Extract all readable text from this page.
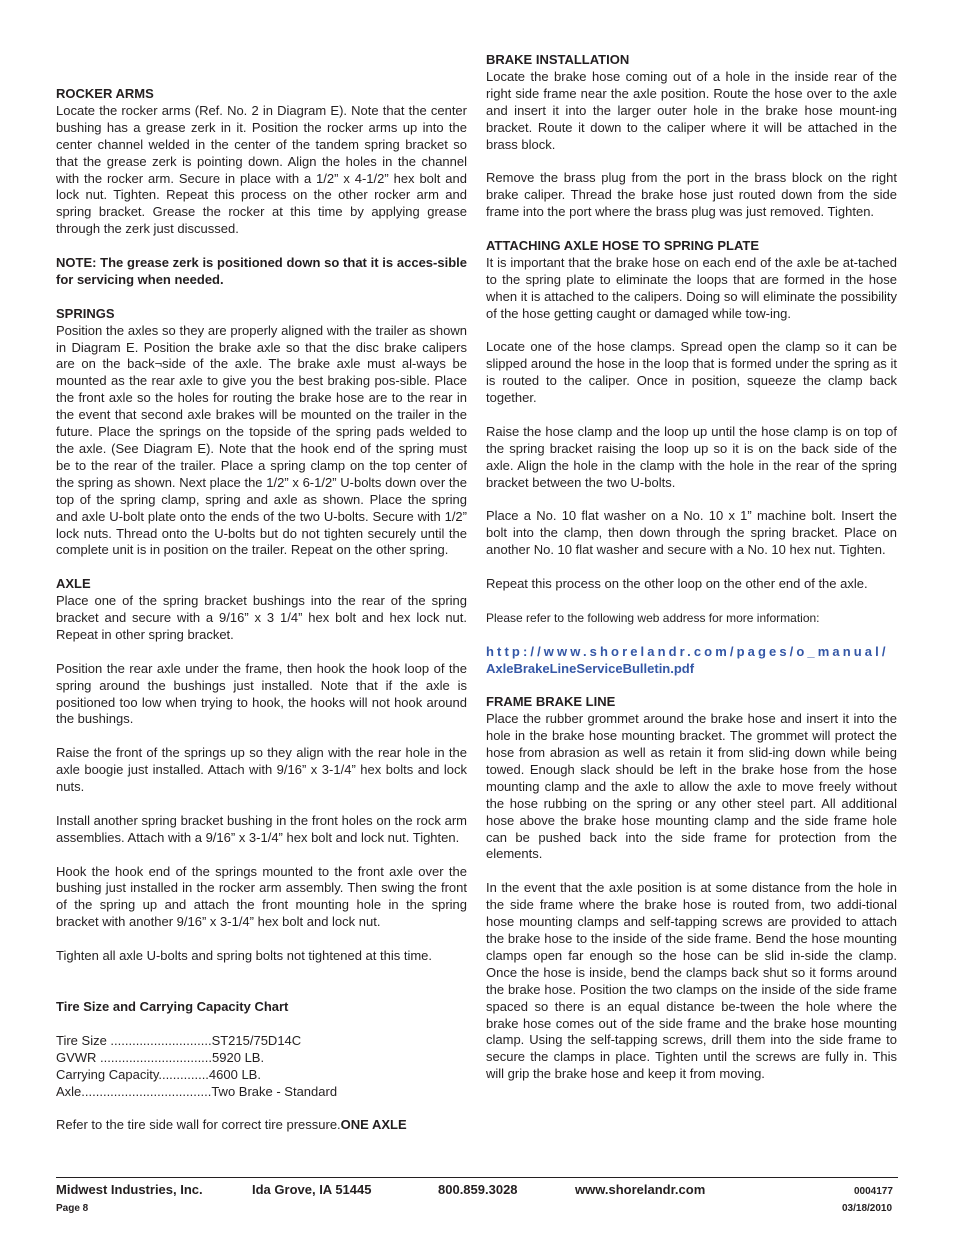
ROCKER ARMS

Locate the rocker arms (Ref. No. 2 in Diagram E). Note that the center bushing has a grease zerk in it. Position the rocker arms up into the center channel welded in the center of the tandem spring bracket so that the grease zerk is pointing down. Align the holes in the channel with the rocker arm. Secure in place with a 1/2” x 4-1/2” hex bolt and lock nut. Tighten. Repeat this process on the other rocker arm and spring bracket. Grease the rocker at this time by applying grease through the zerk just discussed.

NOTE: The grease zerk is positioned down so that it is acces-sible for servicing when needed.

SPRINGS

Position the axles so they are properly aligned with the trailer as shown in Diagram E. Position the brake axle so that the disc brake calipers are on the back¬side of the axle. The brake axle must al-ways be mounted as the rear axle to give you the best braking pos-sible. Place the front axle so the holes for routing the brake hose are to the rear in the event that second axle brakes will be mounted on the trailer in the future. Place the springs on the topside of the spring pads welded to the axle. (See Diagram E). Note that the hook end of the spring must be to the rear of the trailer. Place a spring clamp on the top center of the spring as shown. Next place the 1/2” x 6-1/2” U-bolts down over the top of the spring clamp, spring and axle as shown. Place the spring and axle U-bolt plate onto the ends of the two U-bolts. Secure with 1/2” lock nuts. Thread onto the U-bolts but do not tighten securely until the complete unit is in position on the trailer. Repeat on the other spring.

AXLE

Place one of the spring bracket bushings into the rear of the spring bracket and secure with a 9/16” x 3 1/4” hex bolt and hex lock nut. Repeat in other spring bracket.

Position the rear axle under the frame, then hook the hook loop of the spring around the bushings just installed. Note that if the axle is positioned too low when trying to hook, the hooks will not hook around the bushings.

Raise the front of the springs up so they align with the rear hole in the axle boogie just installed. Attach with 9/16” x 3-1/4” hex bolts and lock nuts.

Install another spring bracket bushing in the front holes on the rock arm assemblies. Attach with a 9/16” x 3-1/4” hex bolt and lock nut. Tighten.

Hook the hook end of the springs mounted to the front axle over the bushing just installed in the rocker arm assembly. Then swing the front of the spring up and attach the front mounting hole in the spring bracket with another 9/16” x 3-1/4” hex bolt and lock nut.

Tighten all axle U-bolts and spring bolts not tightened at this time.

Tire Size and Carrying Capacity Chart
Tire Size ............................ST215/75D14C
GVWR ...............................5920 LB.
Carrying Capacity..............4600 LB.
Axle....................................Two Brake - Standard

Refer to the tire side wall for correct tire pressure.ONE AXLE

BRAKE INSTALLATION

Locate the brake hose coming out of a hole in the inside rear of the right side frame near the axle position. Route the hose over to the axle and insert it into the larger outer hole in the brake hose mount-ing bracket. Route it down to the caliper where it will be attached in the brass block.

Remove the brass plug from the port in the brass block on the right brake caliper. Thread the brake hose just routed down from the side frame into the port where the brass plug was just removed. Tighten.

ATTACHING AXLE HOSE TO SPRING PLATE

It is important that the brake hose on each end of the axle be at-tached to the spring plate to eliminate the loops that are formed in the hose when it is attached to the calipers. Doing so will eliminate the possibility of the hose getting caught or damaged while tow-ing.

Locate one of the hose clamps. Spread open the clamp so it can be slipped around the hose in the loop that is formed under the spring as it is routed to the caliper. Once in position, squeeze the clamp back together.

Raise the hose clamp and the loop up until the hose clamp is on top of the spring bracket raising the loop up so it is on the back side of the axle. Align the hole in the clamp with the hole in the rear of the spring bracket between the two U-bolts.

Place a No. 10 flat washer on a No. 10 x 1” machine bolt. Insert the bolt into the clamp, then down through the spring bracket. Place on another No. 10 flat washer and secure with a No. 10 hex nut. Tighten.

Repeat this process on the other loop on the other end of the axle.

Please refer to the following web address for more information:

http://www.shorelandr.com/pages/o_manual/
AxleBrakeLineServiceBulletin.pdf

FRAME BRAKE LINE

Place the rubber grommet around the brake hose and insert it into the hole in the brake hose mounting bracket. The grommet will protect the hose from abrasion as well as retain it from slid-ing down while being towed. Enough slack should be left in the brake hose from the hose mounting clamp and the axle to allow the axle to move freely without the hose rubbing on the spring or any other steel part. All additional hose above the brake hose mounting clamp and the side frame hole can be pushed back into the side frame for protection from the elements.

In the event that the axle position is at some distance from the hole in the side frame where the brake hose is routed from, two addi-tional hose mounting clamps and self-tapping screws are provided to attach the brake hose to the inside of the side frame. Bend the hose mounting clamps open far enough so the hose can be slid in-side the clamp. Once the hose is inside, bend the clamps back shut so it forms around the brake hose. Position the two clamps on the inside of the side frame spaced so there is an equal distance be-tween the hole where the brake hose comes out of the side frame and the brake hose mounting clamp. Using the self-tapping screws, drill them into the side frame to secure the clamps in place. Tighten until the screws are fully in. This will grip the brake hose and keep it from moving.

Midwest Industries, Inc.	Ida Grove, IA 51445	800.859.3028	www.shorelandr.com	0004177
Page 8	03/18/2010
